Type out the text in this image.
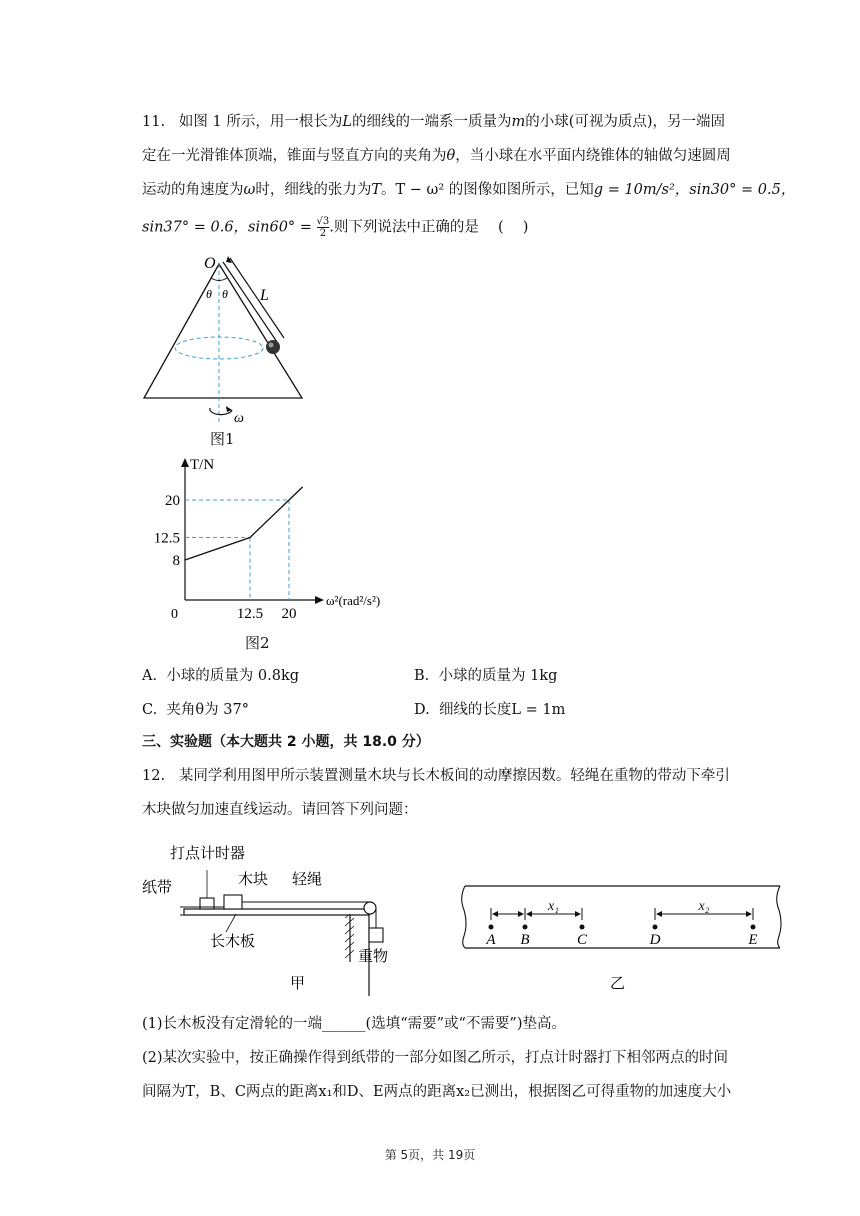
11. 如图 1 所示，用一根长为L的细线的一端系一质量为m的小球(可视为质点)，另一端固
定在一光滑锥体顶端，锥面与竖直方向的夹角为θ，当小球在水平面内绕锥体的轴做匀速圆周
运动的角速度为ω时，细线的张力为T。T − ω² 的图像如图所示，已知g = 10m/s²，sin30° = 0.5，
sin37° = 0.6，$\sin 60^\circ = \frac{√3}{2}$ .则下列说法中正确的是　 (　 )
O
θ θ L
ω
图1
T/N
ω²(rad²/s²)
0
20
12.5
8
12.5 20
图2
A. 小球的质量为 0.8kg	B. 小球的质量为 1kg
C. 夹角θ为 37°	D. 细线的长度L = 1m
三、实验题（本大题共 2 小题，共 18.0 分）
12. 某同学利用图甲所示装置测量木块与长木板间的动摩擦因数。轻绳在重物的带动下牵引
木块做匀加速直线运动。请回答下列问题：
打点计时器
纸带	木块 轻绳
长木板
重物
甲
A B	C	D	E
x₁	x₂
乙
(1)长木板没有定滑轮的一端______(选填“需要”或“不需要”)垫高。
(2)某次实验中，按正确操作得到纸带的一部分如图乙所示，打点计时器打下相邻两点的时间
间隔为T，B、C两点的距离x₁和D、E两点的距离x₂已测出，根据图乙可得重物的加速度大小
第 5页，共 19页
